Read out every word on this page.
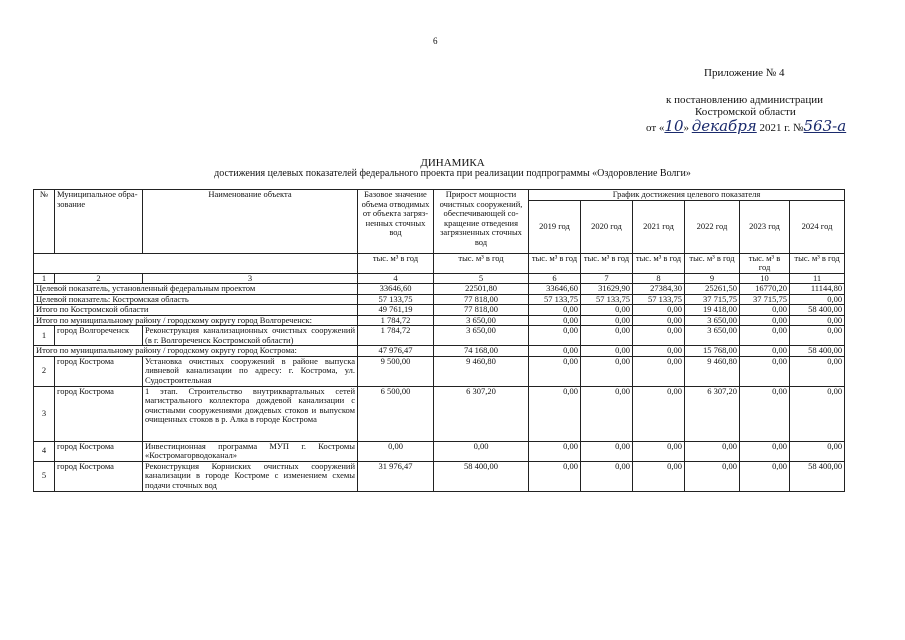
6
Приложение № 4
к постановлению администрации
Костромской области
от «10» декабря 2021 г. №563-а
ДИНАМИКА
достижения целевых показателей федерального проекта при реализации подпрограммы «Оздоровление Волги»
№	Муниципальное обра-зование	Наименование объекта	Базовое значение объема отводимых от объекта загряз-ненных сточных вод	Прирост мощности очистных сооружений, обеспечивающей со-кращение отведения загрязненных сточных вод	График достижения целевого показателя					
					2019 год	2020 год	2021 год	2022 год	2023 год	2024 год
			тыс. м³ в год	тыс. м³ в год	тыс. м³ в год	тыс. м³ в год	тыс. м³ в год	тыс. м³ в год	тыс. м³ в год	тыс. м³ в год
1	2	3	4	5	6	7	8	9	10	11
Целевой показатель, установленный федеральным проектом			33646,60	22501,80	33646,60	31629,90	27384,30	25261,50	16770,20	11144,80
Целевой показатель: Костромская область			57 133,75	77 818,00	57 133,75	57 133,75	57 133,75	37 715,75	37 715,75	0,00
Итого по Костромской области			49 761,19	77 818,00	0,00	0,00	0,00	19 418,00	0,00	58 400,00
Итого по муниципальному району / городскому округу город Волгореченск:			1 784,72	3 650,00	0,00	0,00	0,00	3 650,00	0,00	0,00
1	город Волгореченск	Реконструкция канализационных очистных сооружений (в г. Волгореченск Костромской области)	1 784,72	3 650,00	0,00	0,00	0,00	3 650,00	0,00	0,00
Итого по муниципальному району / городскому округу город Кострома:			47 976,47	74 168,00	0,00	0,00	0,00	15 768,00	0,00	58 400,00
2	город Кострома	Установка очистных сооружений в районе выпуска ливневой канализации по адресу: г. Кострома, ул. Судостроительная	9 500,00	9 460,80	0,00	0,00	0,00	9 460,80	0,00	0,00
3	город Кострома	1 этап. Строительство внутриквартальных сетей магистрального коллектора дождевой канализации с очистными сооружениями дождевых стоков и выпуском очищенных стоков в р. Алка в городе Кострома	6 500,00	6 307,20	0,00	0,00	0,00	6 307,20	0,00	0,00
4	город Кострома	Инвестиционная программа МУП г. Костромы «Костромагорводоканал»	0,00	0,00	0,00	0,00	0,00	0,00	0,00	0,00
5	город Кострома	Реконструкция Корниских очистных сооружений канализации в городе Костроме с изменением схемы подачи сточных вод	31 976,47	58 400,00	0,00	0,00	0,00	0,00	0,00	58 400,00
